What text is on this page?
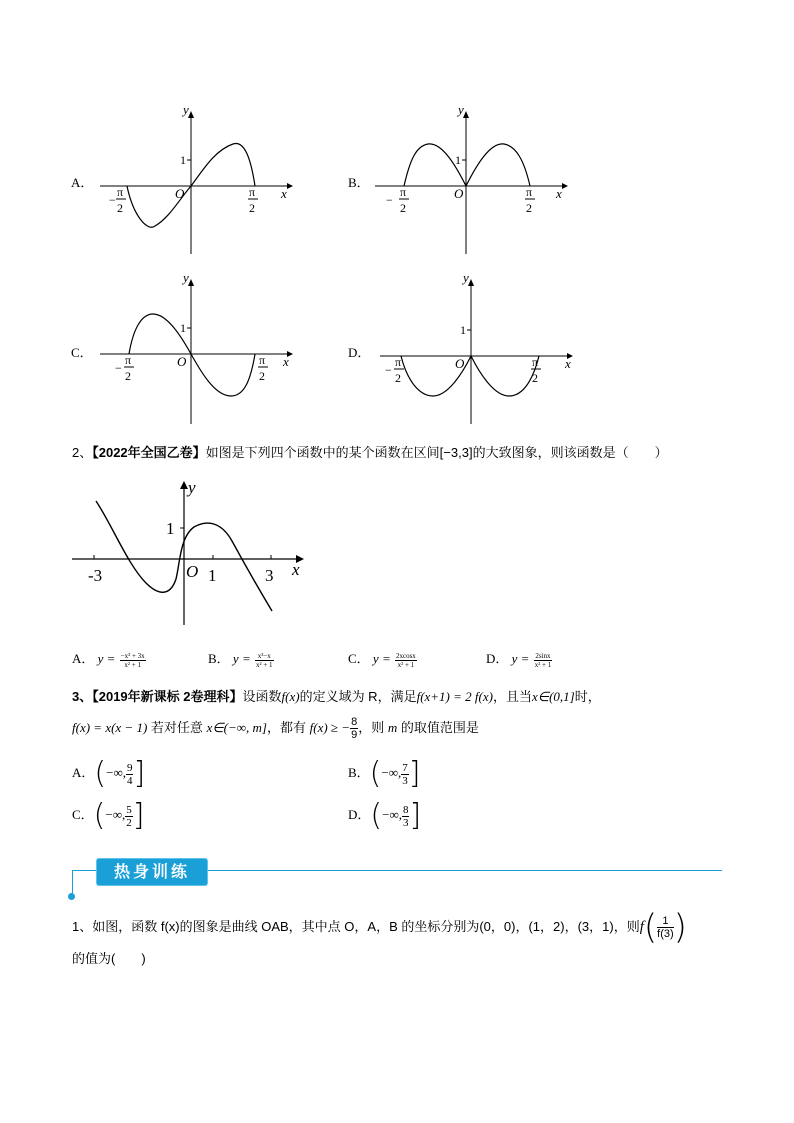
A．
y
x
O
1
−
π
2
π
2
B．
y
x
O
1
−
π
2
π
2
C．
y
x
O
1
−
π
2
π
2
D．
y
x
O
1
−
π
2
π
2
2、【2022年全国乙卷】如图是下列四个函数中的某个函数在区间[−3,3]的大致图象，则该函数是（　　）
y
x
O
1
-3	1	3
A． $y = \frac{\text{−x³ + 3x}}{\text{x² + 1}}$	B． $y = \frac{\text{x³−x}}{\text{x² + 1}}$	C． $y = \frac{2xcosx}{\text{x² + 1}}$	D． $y = \frac{2\sin x}{\text{x² + 1}}$
3、【2019年新课标 2卷理科】设函数f(x)的定义域为 R，满足f(x+1) = 2 f(x)，且当x∈(0,1]时，
f(x) = x(x − 1) 若对任意 x∈(−∞, m]，都有 f(x) ≥ − $\frac{8}{9}$ ，则 m 的取值范围是
A．(−∞, $\frac{9}{4}$ ]	B．(−∞, $\frac{7}{3}$ ]
C．(−∞, $\frac{5}{2}$ ]	D．(−∞, $\frac{8}{3}$ ]
热身训练
1、如图，函数 f(x)的图象是曲线 OAB，其中点 O，A，B 的坐标分别为(0，0)，(1，2)，(3，1)，则$f( \frac{1}{f(3)}$ )
的值为(　　)
